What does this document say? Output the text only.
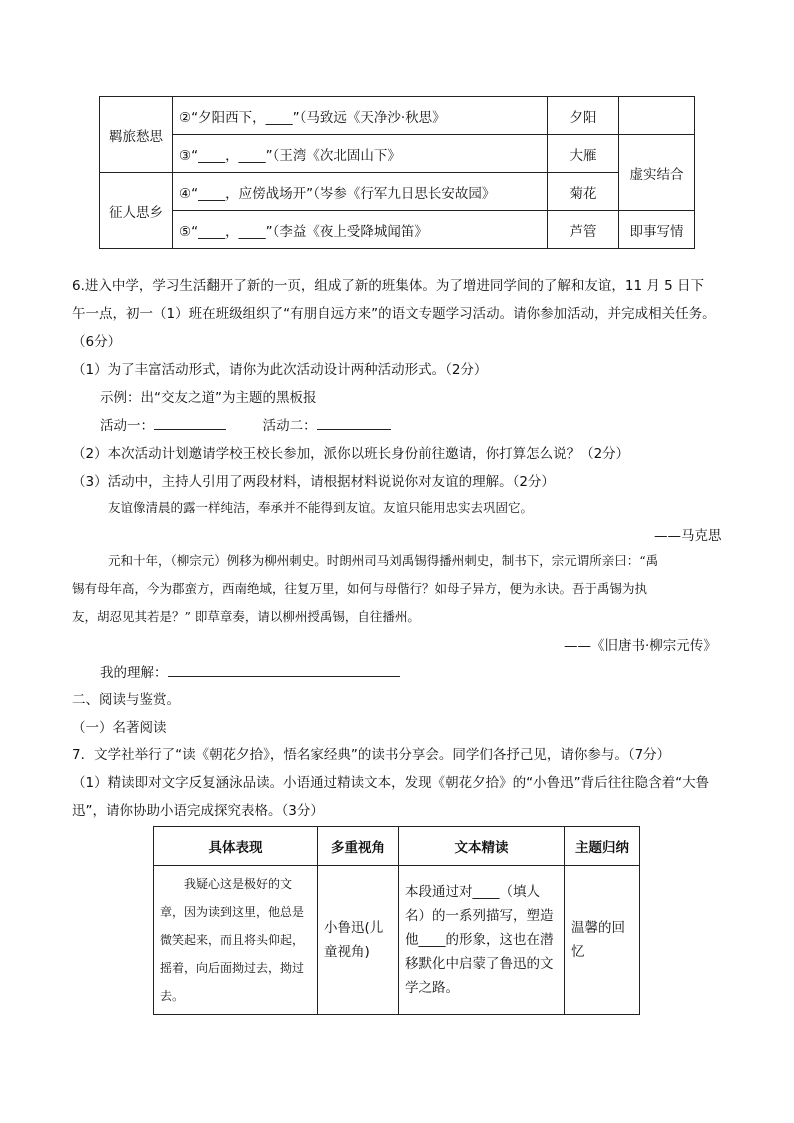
羁旅愁思	②“夕阳西下，____”（马致远《天净沙·秋思》	夕阳	
	③“____，____”（王湾《次北固山下》	大雁	虚实结合
征人思乡	④“____，应傍战场开”（岑参《行军九日思长安故园》	菊花	
	⑤“____，____”（李益《夜上受降城闻笛》	芦管	即事写情
6.进入中学，学习生活翻开了新的一页，组成了新的班集体。为了增进同学间的了解和友谊，11 月 5 日下
午一点，初一（1）班在班级组织了“有朋自远方来”的语文专题学习活动。请你参加活动，并完成相关任务。
（6分）
（1）为了丰富活动形式，请你为此次活动设计两种活动形式。（2分）
示例：出“交友之道”为主题的黑板报
活动一：	活动二：
（2）本次活动计划邀请学校王校长参加，派你以班长身份前往邀请，你打算怎么说？（2分）
（3）活动中，主持人引用了两段材料，请根据材料说说你对友谊的理解。（2分）
友谊像清晨的露一样纯洁，奉承并不能得到友谊。友谊只能用忠实去巩固它。
——马克思
元和十年，（柳宗元）例移为柳州刺史。时朗州司马刘禹锡得播州刺史，制书下，宗元谓所亲曰：“禹
锡有母年高，今为郡蛮方，西南绝域，往复万里，如何与母偕行？如母子异方，便为永诀。吾于禹锡为执
友，胡忍见其若是？” 即草章奏，请以柳州授禹锡，自往播州。
——《旧唐书·柳宗元传》
我的理解：
二、阅读与鉴赏。
（一）名著阅读
7．文学社举行了“读《朝花夕拾》，悟名家经典”的读书分享会。同学们各抒己见，请你参与。（7分）
（1）精读即对文字反复涵泳品读。小语通过精读文本，发现《朝花夕拾》的“小鲁迅”背后往往隐含着“大鲁
迅”，请你协助小语完成探究表格。（3分）
具体表现	多重视角	文本精读	主题归纳

我疑心这是极好的文章，因为读到这里，他总是微笑起来，而且将头仰起，摇着，向后面拗过去，拗过去。	小鲁迅(儿童视角)	本段通过对____（填人名）的一系列描写，塑造他____的形象，这也在潜移默化中启蒙了鲁迅的文学之路。	温馨的回忆
